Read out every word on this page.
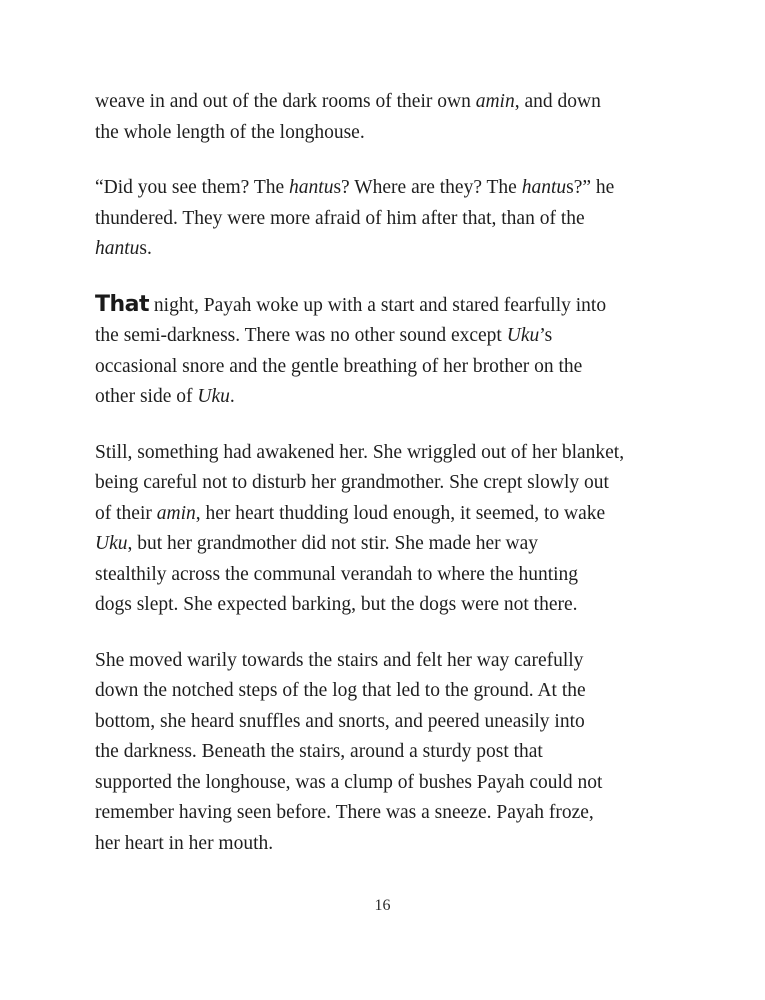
weave in and out of the dark rooms of their own amin, and down
the whole length of the longhouse.

“Did you see them? The hantus? Where are they? The hantus?” he
thundered. They were more afraid of him after that, than of the
hantus.

That night, Payah woke up with a start and stared fearfully into
the semi-darkness. There was no other sound except Uku’s
occasional snore and the gentle breathing of her brother on the
other side of Uku.

Still, something had awakened her. She wriggled out of her blanket,
being careful not to disturb her grandmother. She crept slowly out
of their amin, her heart thudding loud enough, it seemed, to wake
Uku, but her grandmother did not stir. She made her way
stealthily across the communal verandah to where the hunting
dogs slept. She expected barking, but the dogs were not there.

She moved warily towards the stairs and felt her way carefully
down the notched steps of the log that led to the ground. At the
bottom, she heard snuffles and snorts, and peered uneasily into
the darkness. Beneath the stairs, around a sturdy post that
supported the longhouse, was a clump of bushes Payah could not
remember having seen before. There was a sneeze. Payah froze,
her heart in her mouth.

16
